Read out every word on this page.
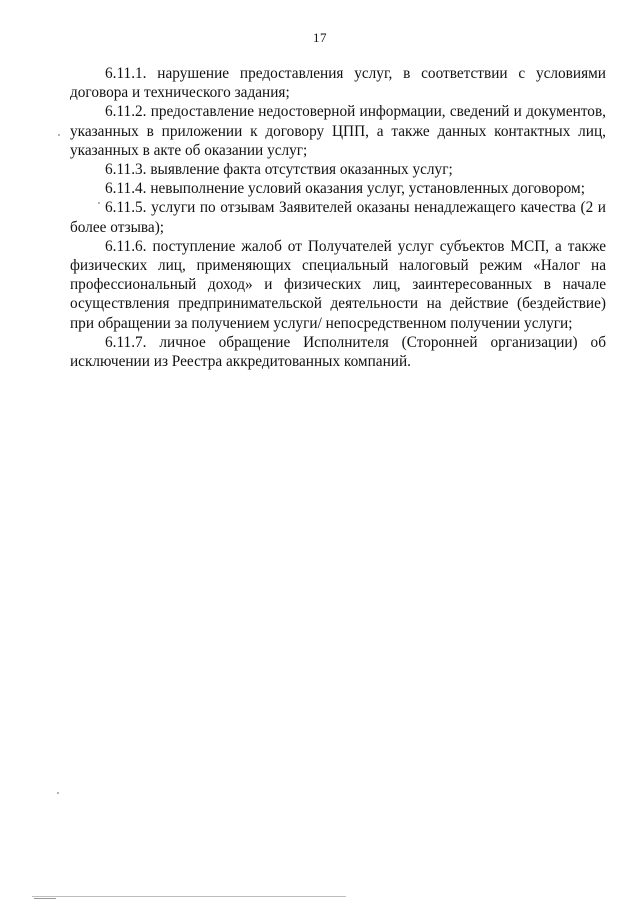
17

6.11.1. нарушение предоставления услуг, в соответствии с условиями договора и технического задания;

6.11.2. предоставление недостоверной информации, сведений и документов, указанных в приложении к договору ЦПП, а также данных контактных лиц, указанных в акте об оказании услуг;

6.11.3. выявление факта отсутствия оказанных услуг;

6.11.4. невыполнение условий оказания услуг, установленных договором;

6.11.5. услуги по отзывам Заявителей оказаны ненадлежащего качества (2 и более отзыва);

6.11.6. поступление жалоб от Получателей услуг субъектов МСП, а также физических лиц, применяющих специальный налоговый режим «Налог на профессиональный доход» и физических лиц, заинтересованных в начале осуществления предпринимательской деятельности на действие (бездействие) при обращении за получением услуги/ непосредственном получении услуги;

6.11.7. личное обращение Исполнителя (Сторонней организации) об исключении из Реестра аккредитованных компаний.
